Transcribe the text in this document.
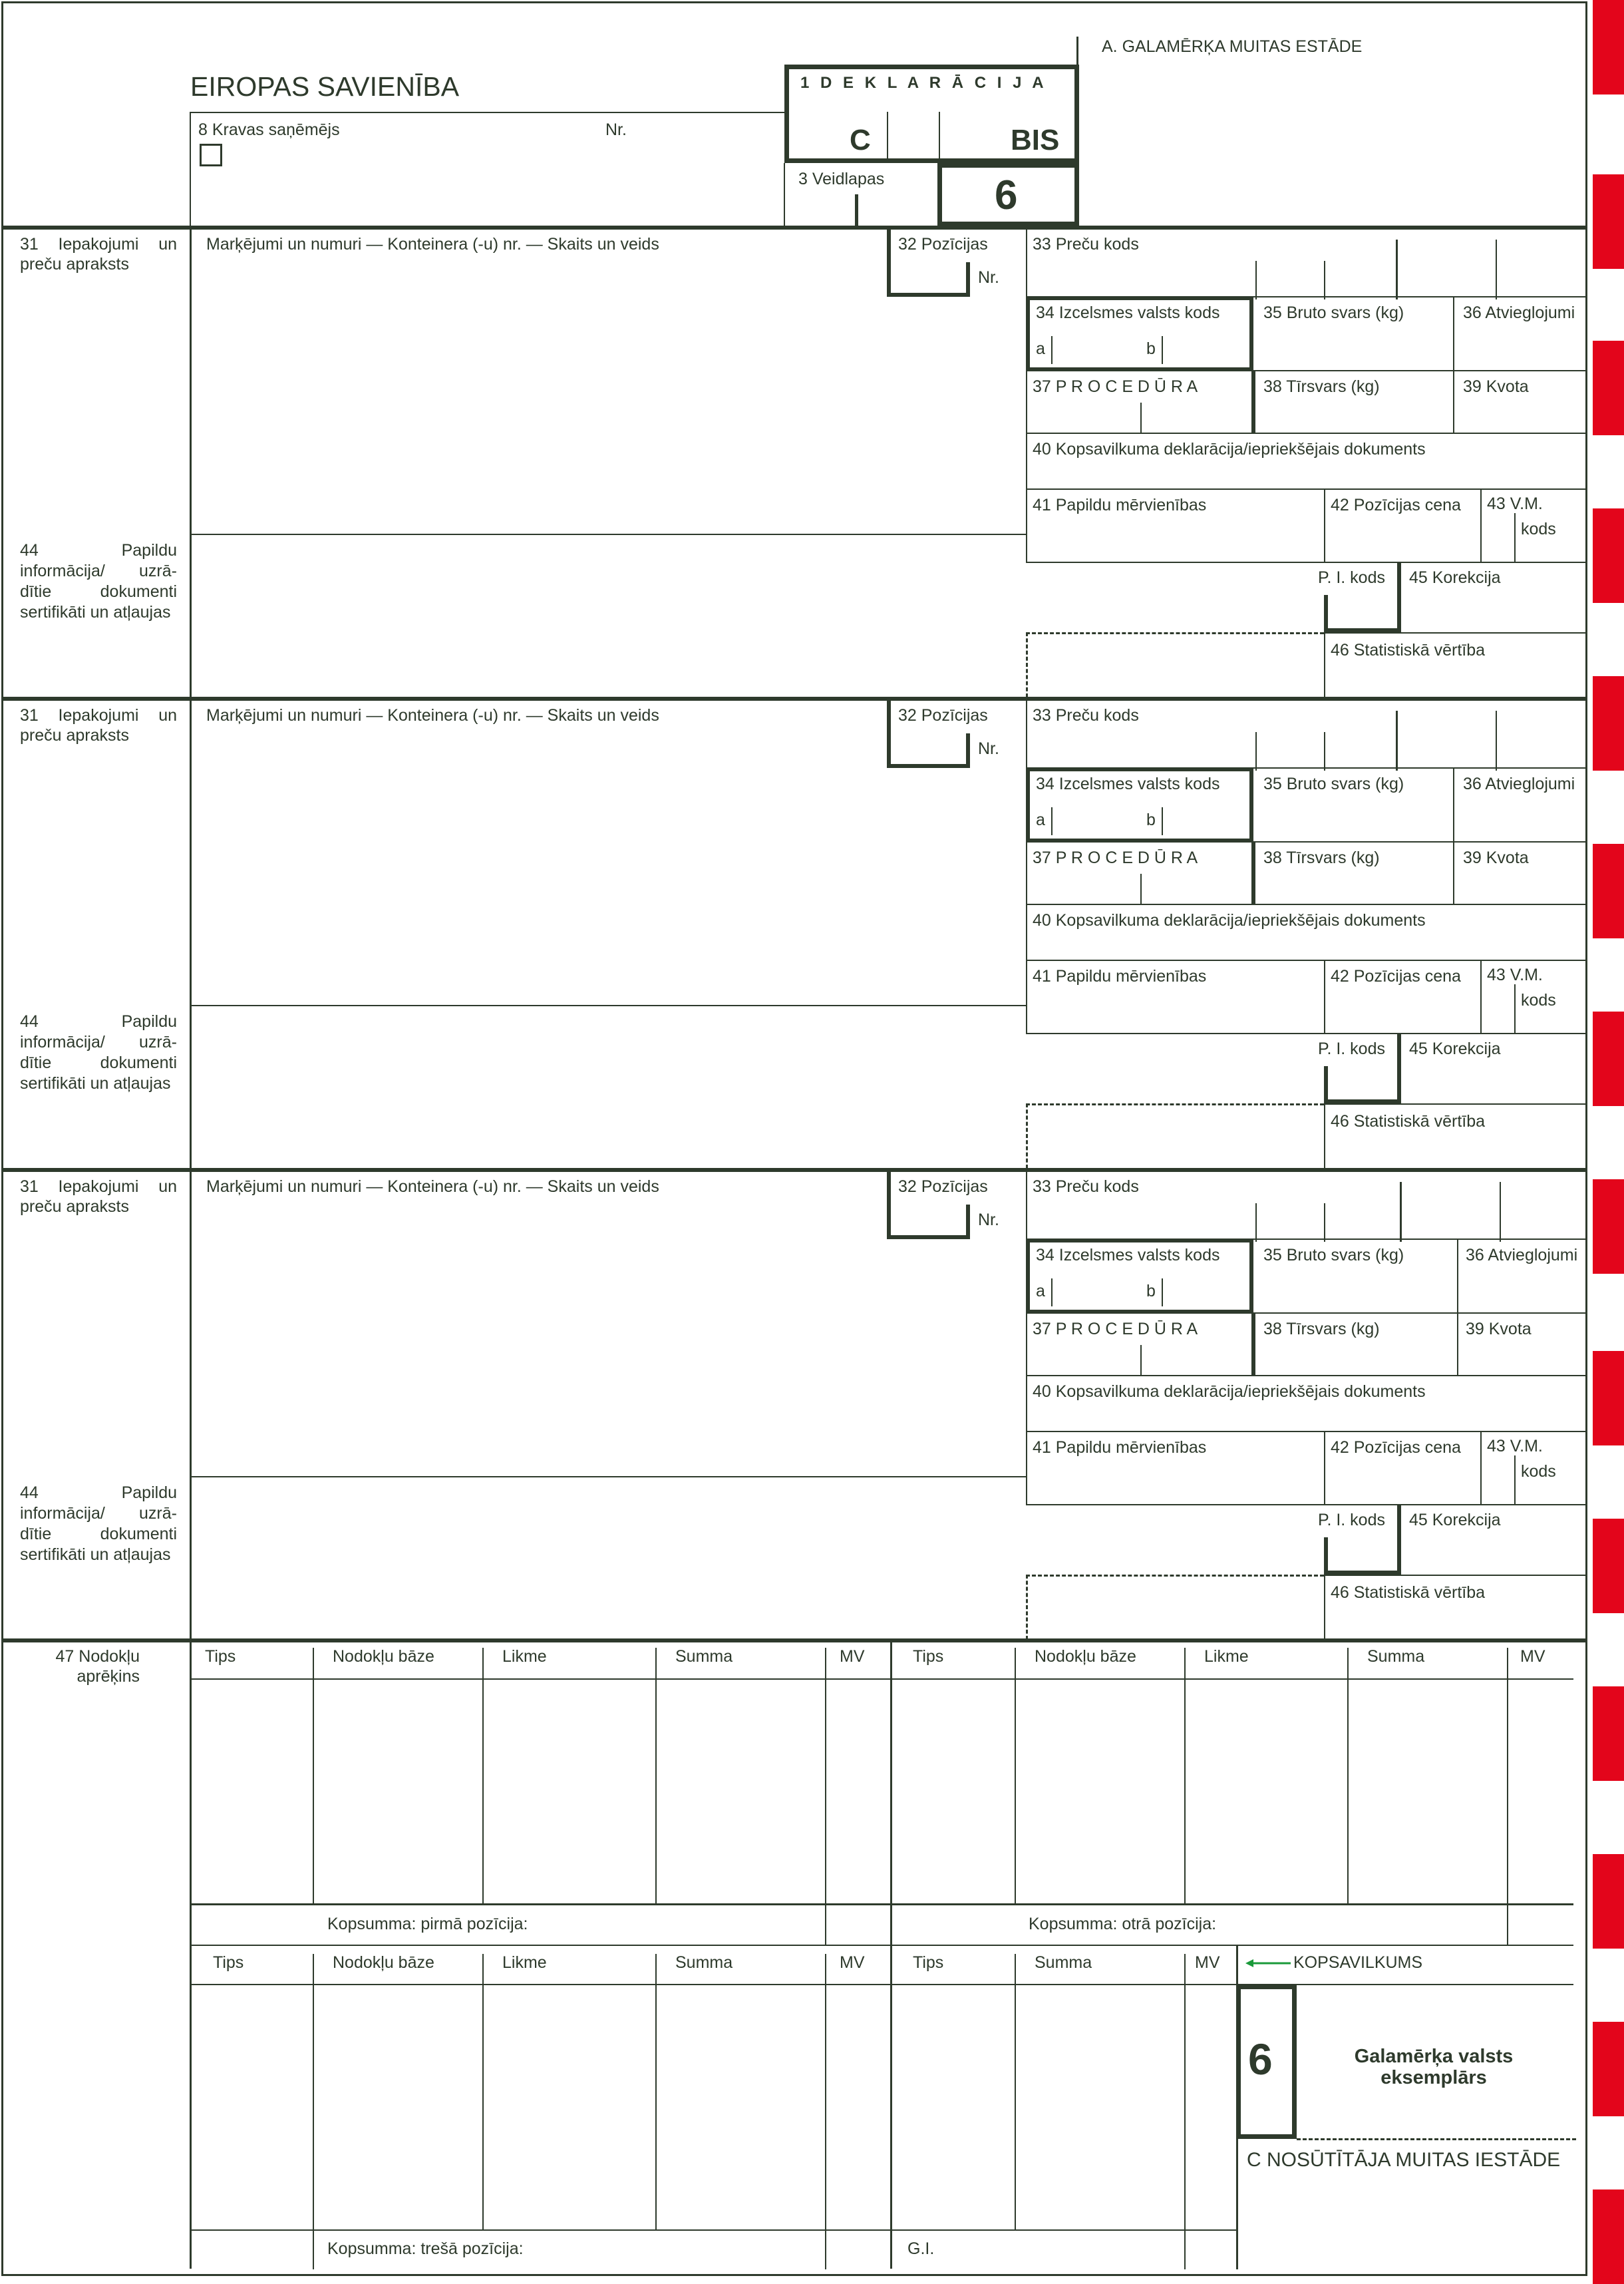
EIROPAS SAVIENĪBA
A. GALAMĒRĶA MUITAS ESTĀDE
8 Kravas saņēmējs	Nr.
1 D E K L A R Ā C I J A
C	BIS
3 Veidlapas	6
31 Iepakojumi un preču apraksts
Marķējumi un numuri — Konteinera (-u) nr. — Skaits un veids	32 Pozīcijas
Nr.
33 Preču kods
34 Izcelsmes valsts kods
a	b
35 Bruto svars (kg)	36 Atvieglojumi
37 P R O C E D Ū R A	38 Tīrsvars (kg)	39 Kvota
40 Kopsavilkuma deklarācija/iepriekšējais dokuments
41 Papildu mērvienības	42 Pozīcijas cena 43 V.M.
kods
44 Papildu informācija/ uzrā-dītie dokumenti sertifikāti un atļaujas
P. I. kods 45 Korekcija
46 Statistiskā vērtība
31 Iepakojumi un preču apraksts
Marķējumi un numuri — Konteinera (-u) nr. — Skaits un veids	32 Pozīcijas
Nr.
33 Preču kods
34 Izcelsmes valsts kods
a	b
35 Bruto svars (kg)	36 Atvieglojumi
37 P R O C E D Ū R A	38 Tīrsvars (kg)	39 Kvota
40 Kopsavilkuma deklarācija/iepriekšējais dokuments
41 Papildu mērvienības	42 Pozīcijas cena 43 V.M.
kods
44 Papildu informācija/ uzrā-dītie dokumenti sertifikāti un atļaujas
P. I. kods 45 Korekcija
46 Statistiskā vērtība
31 Iepakojumi un preču apraksts
Marķējumi un numuri — Konteinera (-u) nr. — Skaits un veids	32 Pozīcijas
Nr.
33 Preču kods
34 Izcelsmes valsts kods
a	b
35 Bruto svars (kg)	36 Atvieglojumi
37 P R O C E D Ū R A	38 Tīrsvars (kg)	39 Kvota
40 Kopsavilkuma deklarācija/iepriekšējais dokuments
41 Papildu mērvienības	42 Pozīcijas cena 43 V.M.
kods
44 Papildu informācija/ uzrā-dītie dokumenti sertifikāti un atļaujas
P. I. kods 45 Korekcija
46 Statistiskā vērtība
47 Nodokļu aprēķins
Tips	Nodokļu bāze	Likme	Summa	MV	Tips	Nodokļu bāze	Likme	Summa	MV
Kopsumma: pirmā pozīcija:	Kopsumma: otrā pozīcija:
Tips	Nodokļu bāze	Likme	Summa	MV	Tips	Summa	MV	KOPSAVILKUMS
6	Galamērķa valsts eksemplārs
C NOSŪTĪTĀJA MUITAS IESTĀDE
Kopsumma: trešā pozīcija:	G.I.
